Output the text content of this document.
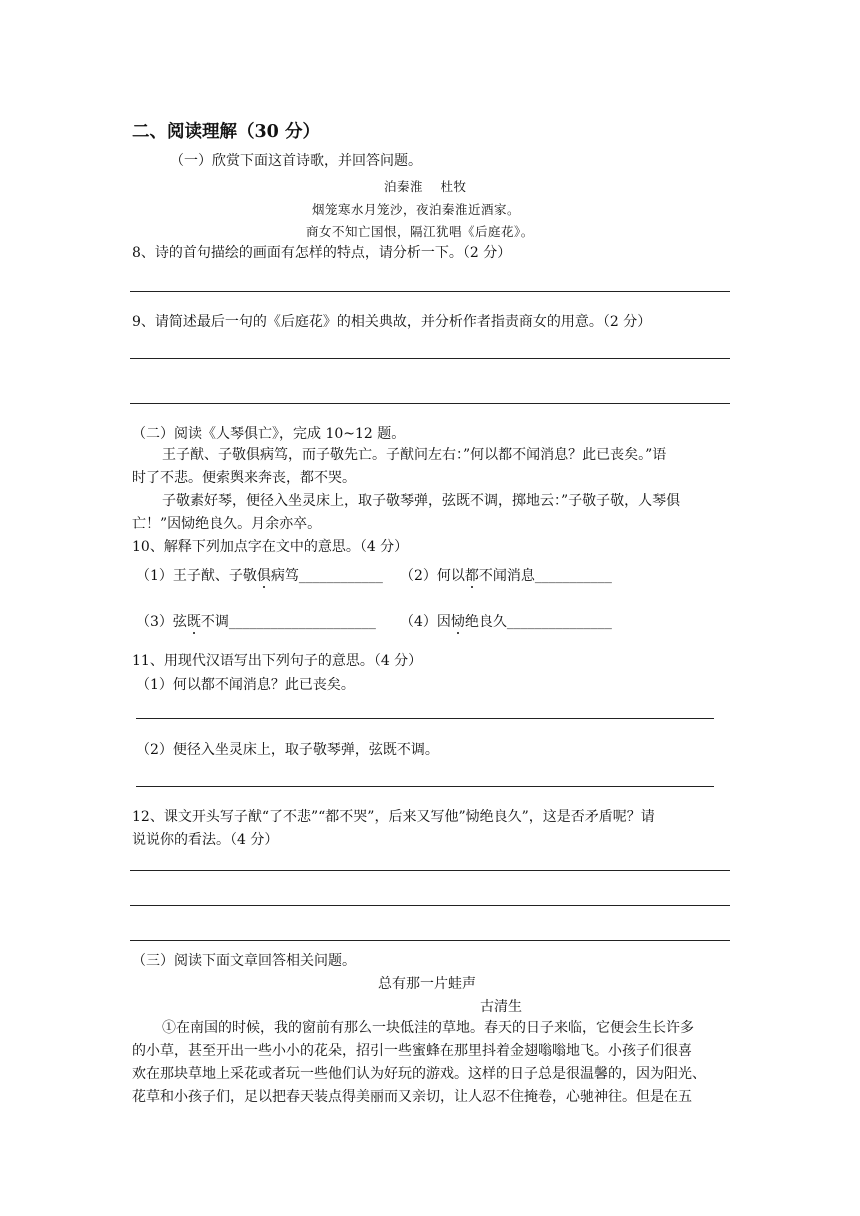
二、阅读理解（30 分）
（一）欣赏下面这首诗歌，并回答问题。
泊秦淮　 杜牧
烟笼寒水月笼沙，夜泊秦淮近酒家。
商女不知亡国恨，隔江犹唱《后庭花》。
8、诗的首句描绘的画面有怎样的特点，请分析一下。（2 分）
9、请简述最后一句的《后庭花》的相关典故，并分析作者指责商女的用意。（2 分）
（二）阅读《人琴俱亡》，完成 10~12 题。
王子猷、子敬俱病笃，而子敬先亡。子猷问左右：”何以都不闻消息？此已丧矣。”语
时了不悲。便索舆来奔丧，都不哭。
子敬素好琴，便径入坐灵床上，取子敬琴弹，弦既不调，掷地云：”子敬子敬，人琴俱
亡！”因恸绝良久。月余亦卒。
10、解释下列加点字在文中的意思。（4 分）
（1）王子猷、子敬俱病笃____________ （2）何以都不闻消息___________
（3）弦既不调_____________________ （4）因恸绝良久_______________
11、用现代汉语写出下列句子的意思。（4 分）
（1）何以都不闻消息？此已丧矣。
（2）便径入坐灵床上，取子敬琴弹，弦既不调。
12、课文开头写子猷“了不悲”“都不哭”，后来又写他”恸绝良久”，这是否矛盾呢？请
说说你的看法。（4 分）
（三）阅读下面文章回答相关问题。
总有那一片蛙声
古清生
①在南国的时候，我的窗前有那么一块低洼的草地。春天的日子来临，它便会生长许多
的小草，甚至开出一些小小的花朵，招引一些蜜蜂在那里抖着金翅嗡嗡地飞。小孩子们很喜
欢在那块草地上采花或者玩一些他们认为好玩的游戏。这样的日子总是很温馨的，因为阳光、
花草和小孩子们，足以把春天装点得美丽而又亲切，让人忍不住掩卷，心驰神往。但是在五
